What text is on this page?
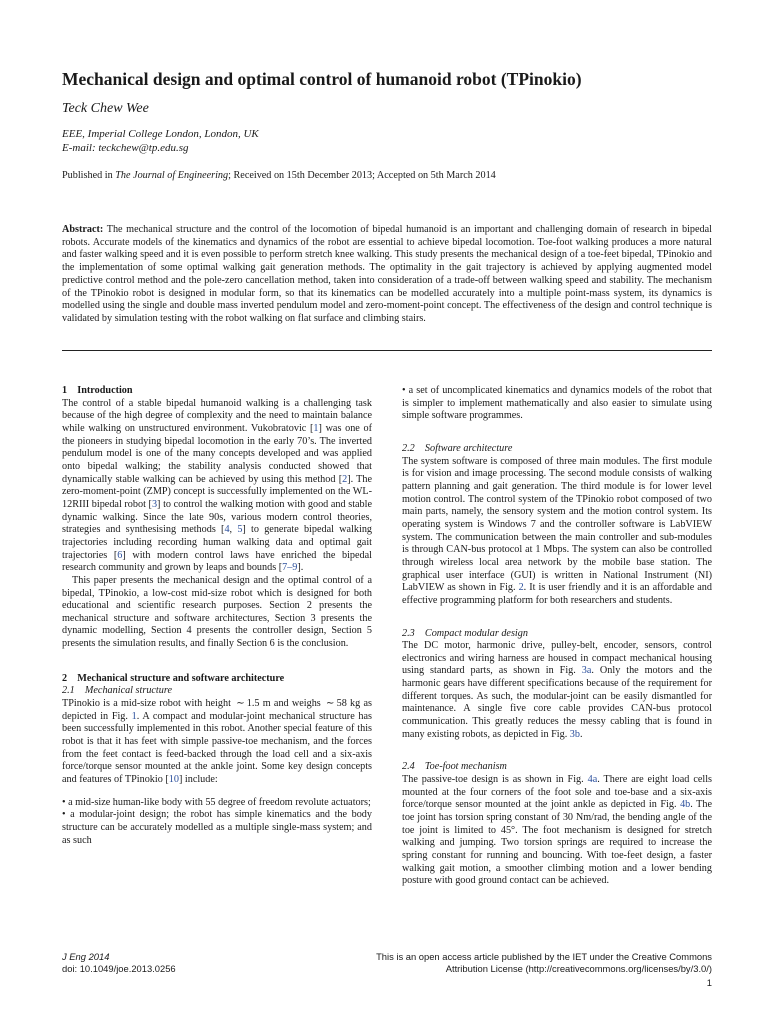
Mechanical design and optimal control of humanoid robot (TPinokio)
Teck Chew Wee
EEE, Imperial College London, London, UK
E-mail: teckchew@tp.edu.sg
Published in The Journal of Engineering; Received on 15th December 2013; Accepted on 5th March 2014

Abstract: The mechanical structure and the control of the locomotion of bipedal humanoid is an important and challenging domain of research in bipedal robots. Accurate models of the kinematics and dynamics of the robot are essential to achieve bipedal locomotion. Toe-foot walking produces a more natural and faster walking speed and it is even possible to perform stretch knee walking. This study presents the mechanical design of a toe-feet bipedal, TPinokio and the implementation of some optimal walking gait generation methods. The optimality in the gait trajectory is achieved by applying augmented model predictive control method and the pole-zero cancellation method, taken into consideration of a trade-off between walking speed and stability. The mechanism of the TPinokio robot is designed in modular form, so that its kinematics can be modelled accurately into a multiple point-mass system, its dynamics is modelled using the single and double mass inverted pendulum model and zero-moment-point concept. The effectiveness of the design and control technique is validated by simulation testing with the robot walking on flat surface and climbing stairs.

1    Introduction

The control of a stable bipedal humanoid walking is a challenging task because of the high degree of complexity and the need to maintain balance while walking on unstructured environment. Vukobratovic [1] was one of the pioneers in studying bipedal locomotion in the early 70’s. The inverted pendulum model is one of the many concepts developed and was applied onto bipedal walking; the stability analysis conducted showed that dynamically stable walking can be achieved by using this method [2]. The zero-moment-point (ZMP) concept is successfully implemented on the WL-12RIII bipedal robot [3] to control the walking motion with good and stable dynamic walking. Since the late 90s, various modern control theories, strategies and synthesising methods [4, 5] to generate bipedal walking trajectories including recording human walking data and optimal gait trajectories [6] with modern control laws have enriched the bipedal research community and grown by leaps and bounds [7–9].

This paper presents the mechanical design and the optimal control of a bipedal, TPinokio, a low-cost mid-size robot which is designed for both educational and scientific research purposes. Section 2 presents the mechanical structure and software architectures, Section 3 presents the dynamic modelling, Section 4 presents the controller design, Section 5 presents the simulation results, and finally Section 6 is the conclusion.

2    Mechanical structure and software architecture

2.1    Mechanical structure

TPinokio is a mid-size robot with height  ∼ 1.5 m and weighs  ∼ 58 kg as depicted in Fig. 1. A compact and modular-joint mechanical structure has been successfully implemented in this robot. Another special feature of this robot is that it has feet with simple passive-toe mechanism, and the forces from the feet contact is feed-backed through the load cell and a six-axis force/torque sensor mounted at the ankle joint. Some key design concepts and features of TPinokio [10] include:

• a mid-size human-like body with 55 degree of freedom revolute actuators;

• a modular-joint design; the robot has simple kinematics and the body structure can be accurately modelled as a multiple single-mass system; and as such

• a set of uncomplicated kinematics and dynamics models of the robot that is simpler to implement mathematically and also easier to simulate using simple software programmes.

2.2    Software architecture

The system software is composed of three main modules. The first module is for vision and image processing. The second module consists of walking pattern planning and gait generation. The third module is for lower level motion control. The control system of the TPinokio robot composed of two main parts, namely, the sensory system and the motion control system. Its operating system is Windows 7 and the controller software is LabVIEW system. The communication between the main controller and sub-modules is through CAN-bus protocol at 1 Mbps. The system can also be controlled through wireless local area network by the mobile base station. The graphical user interface (GUI) is written in National Instrument (NI) LabVIEW as shown in Fig. 2. It is user friendly and it is an affordable and effective programming platform for both researchers and students.

2.3    Compact modular design

The DC motor, harmonic drive, pulley-belt, encoder, sensors, control electronics and wiring harness are housed in compact mechanical housing using standard parts, as shown in Fig. 3a. Only the motors and the harmonic gears have different specifications because of the requirement for different torques. As such, the modular-joint can be easily dismantled for maintenance. A single five core cable provides CAN-bus protocol communication. This greatly reduces the messy cabling that is found in many existing robots, as depicted in Fig. 3b.

2.4    Toe-foot mechanism

The passive-toe design is as shown in Fig. 4a. There are eight load cells mounted at the four corners of the foot sole and toe-base and a six-axis force/torque sensor mounted at the joint ankle as depicted in Fig. 4b. The toe joint has torsion spring constant of 30 Nm/rad, the bending angle of the toe joint is limited to 45°. The foot mechanism is designed for stretch walking and jumping. Two torsion springs are required to increase the spring constant for running and bouncing. With toe-feet design, a faster walking gait motion, a smoother climbing motion and a lower bending posture with good ground contact can be achieved.

J Eng 2014
doi: 10.1049/joe.2013.0256
This is an open access article published by the IET under the Creative Commons
Attribution License (http://creativecommons.org/licenses/by/3.0/)
1
